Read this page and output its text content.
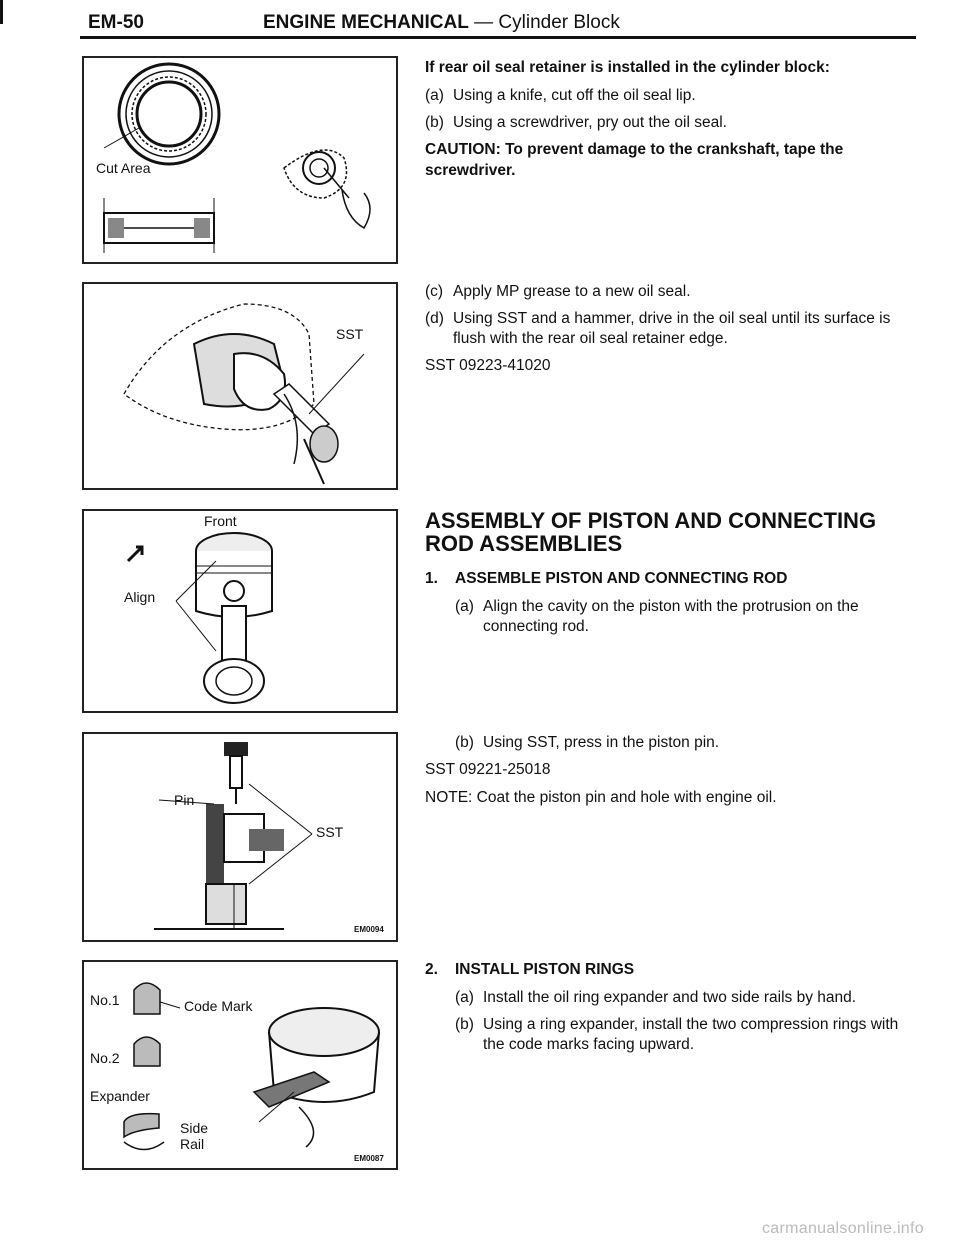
EM-50	ENGINE MECHANICAL — Cylinder Block
Cut Area
SST
Front
Align
Pin
SST
EM0094
No.1	Code Mark
No.2
Expander
Side
Rail
EM0087

If rear oil seal retainer is installed in the cylinder block:

(a) Using a knife, cut off the oil seal lip.
(b) Using a screwdriver, pry out the oil seal.

CAUTION: To prevent damage to the crankshaft, tape the screwdriver.

(c) Apply MP grease to a new oil seal.
(d) Using SST and a hammer, drive in the oil seal until its surface is flush with the rear oil seal retainer edge.

SST 09223-41020

ASSEMBLY OF PISTON AND CONNECTING ROD ASSEMBLIES
1.	ASSEMBLE PISTON AND CONNECTING ROD
(a) Align the cavity on the piston with the protrusion on the connecting rod.
(b) Using SST, press in the piston pin.

SST 09221-25018

NOTE: Coat the piston pin and hole with engine oil.

2.	INSTALL PISTON RINGS
(a) Install the oil ring expander and two side rails by hand.
(b) Using a ring expander, install the two compression rings with the code marks facing upward.
carmanualsonline.info
